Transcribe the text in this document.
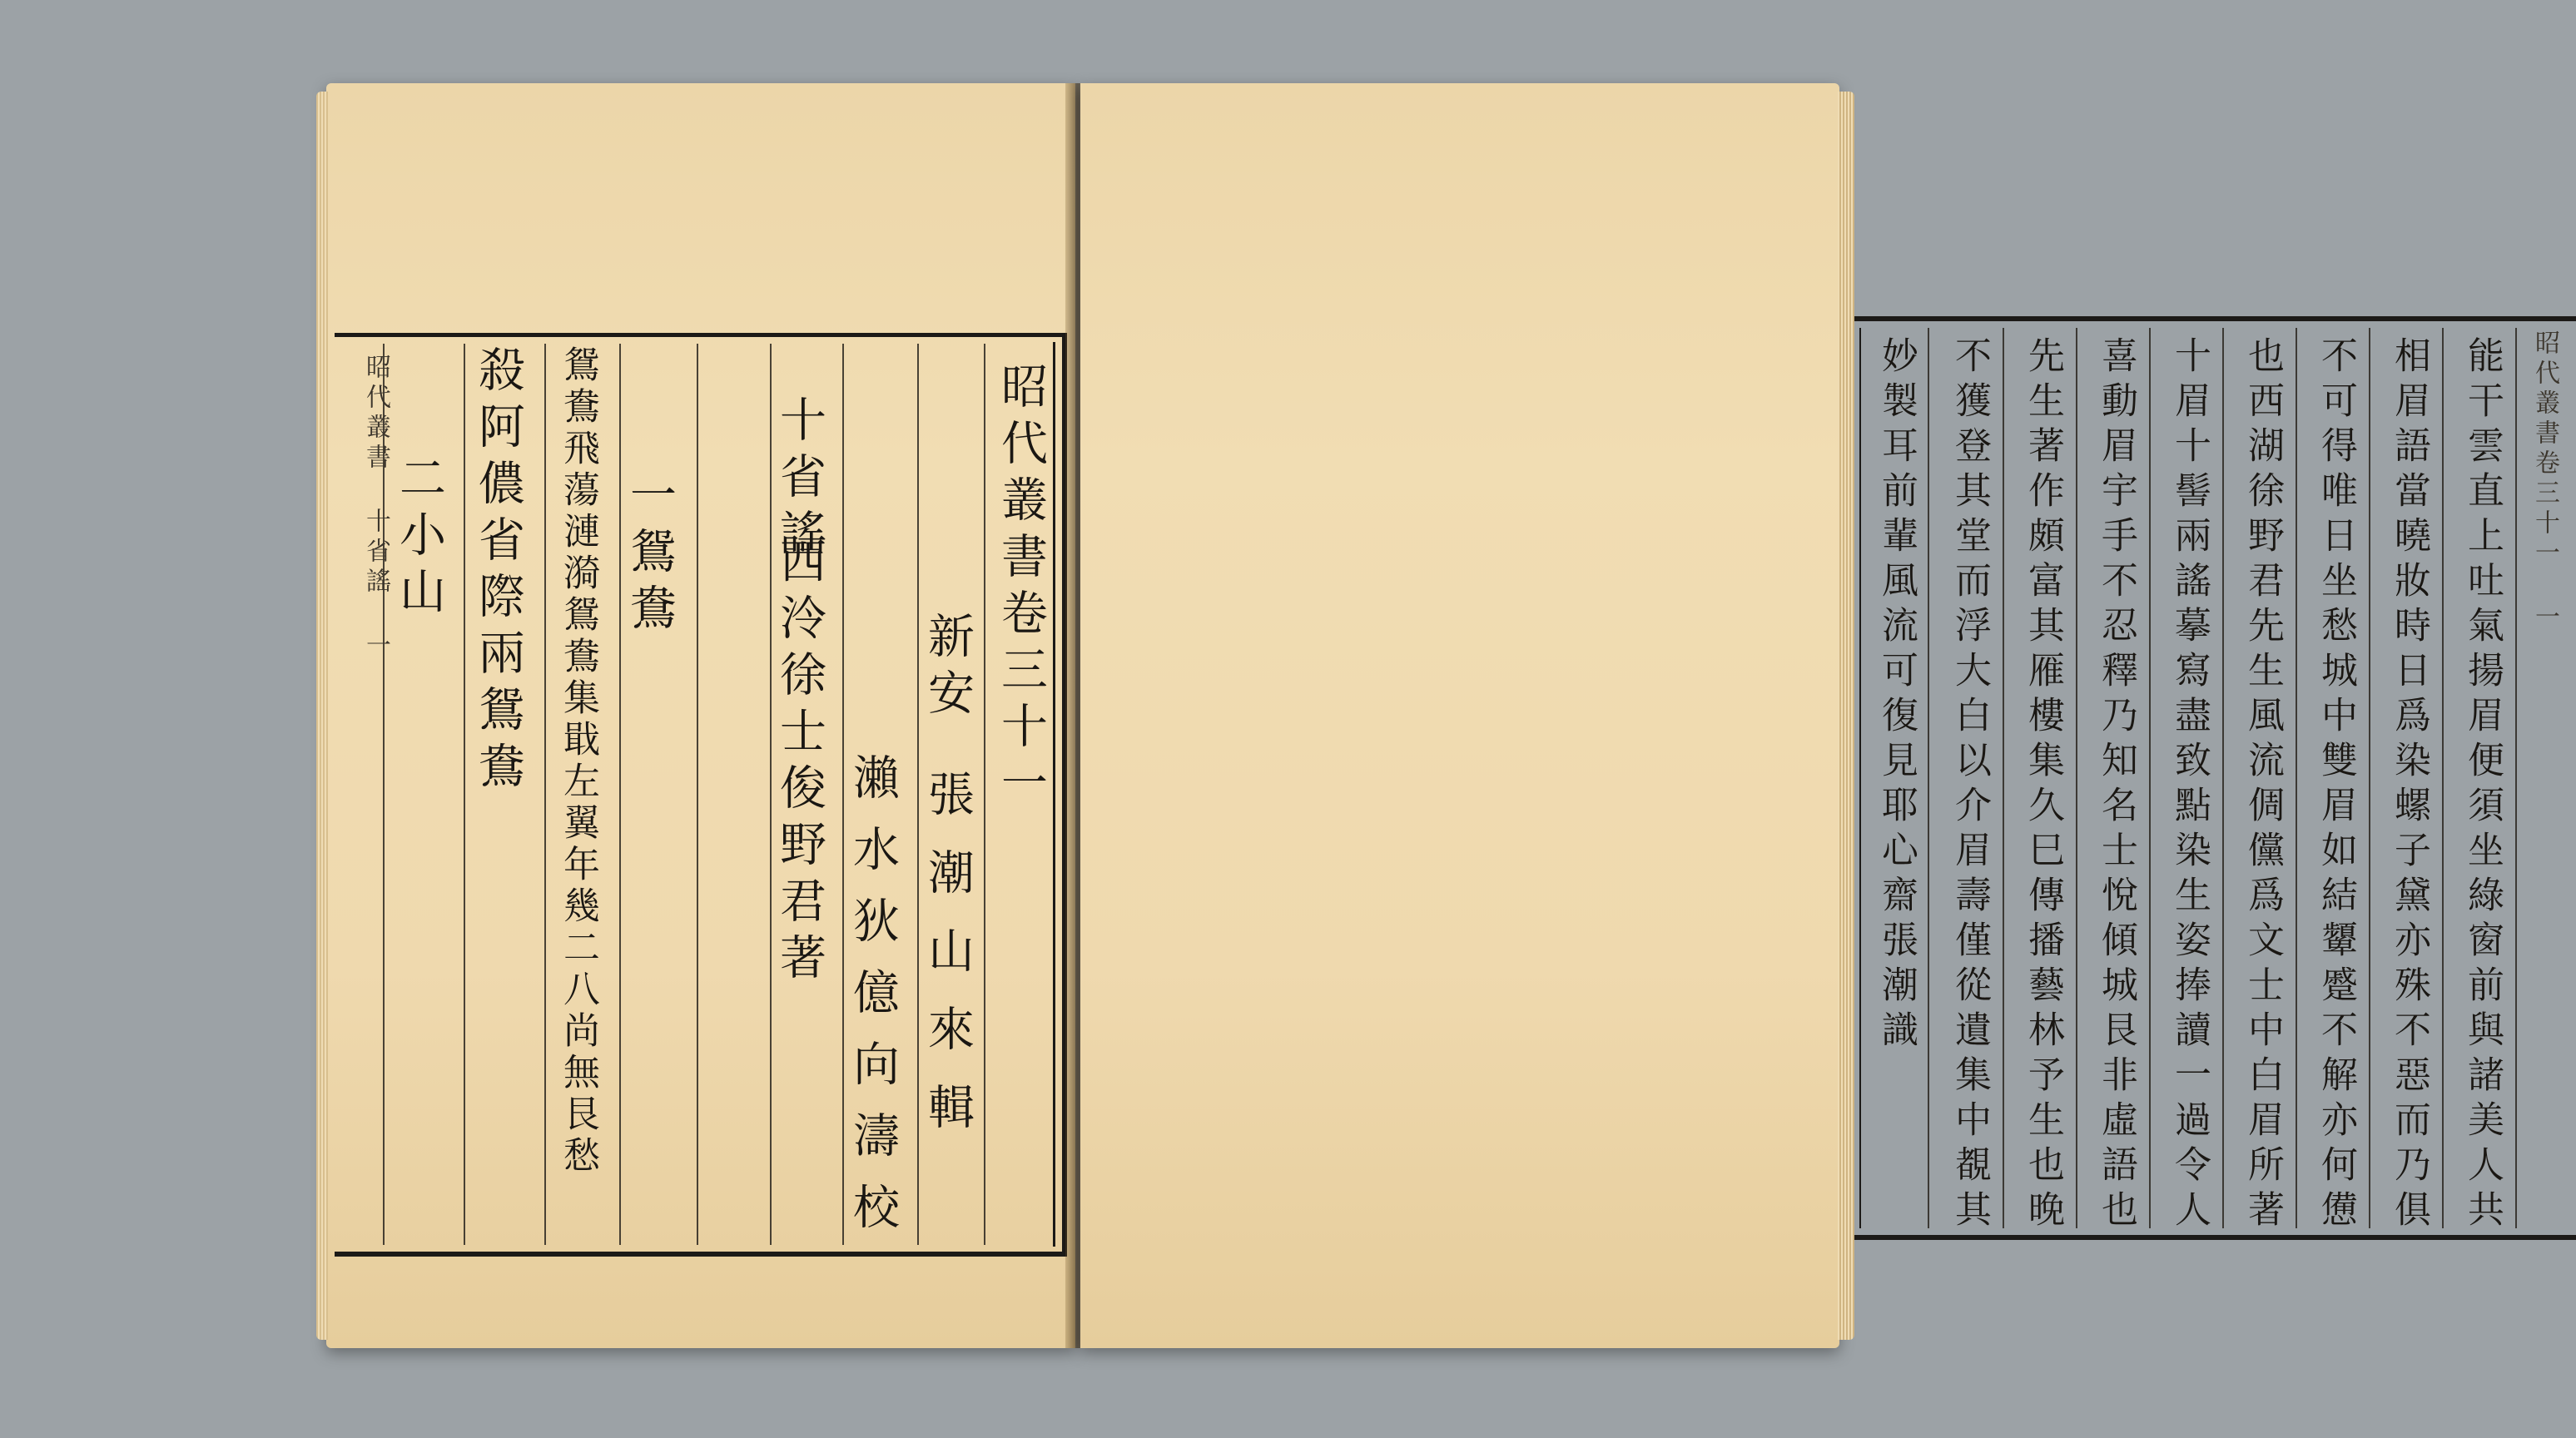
昭代叢書卷三十一
新安
張潮山來輯
瀨水狄億向濤校
十省謠
西泠徐士俊野君著
一鴛鴦
鴛鴦飛蕩漣漪鴛鴦集戢左翼年幾二八尚無艮愁
殺阿儂省際兩鴛鴦
二小山
昭代叢書 十省謠 一	妙製耳前輩風流可復見耶心齋張潮識 不獲登其堂而浮大白以介眉壽僅從遺集中覩其 先生著作頗富其雁樓集久巳傳播藝林予生也晚 喜動眉宇手不忍釋乃知名士悅傾城艮非虛語也 十眉十髻兩謠摹寫盡致點染生姿捧讀一過令人 也西湖徐野君先生風流倜儻爲文士中白眉所著 不可得唯日坐愁城中雙眉如結顰蹙不解亦何憊 相眉語當曉妝時日爲染螺子黛亦殊不惡而乃俱 能干雲直上吐氣揚眉便須坐綠窗前與諸美人共 昭代叢書卷三十一 一
